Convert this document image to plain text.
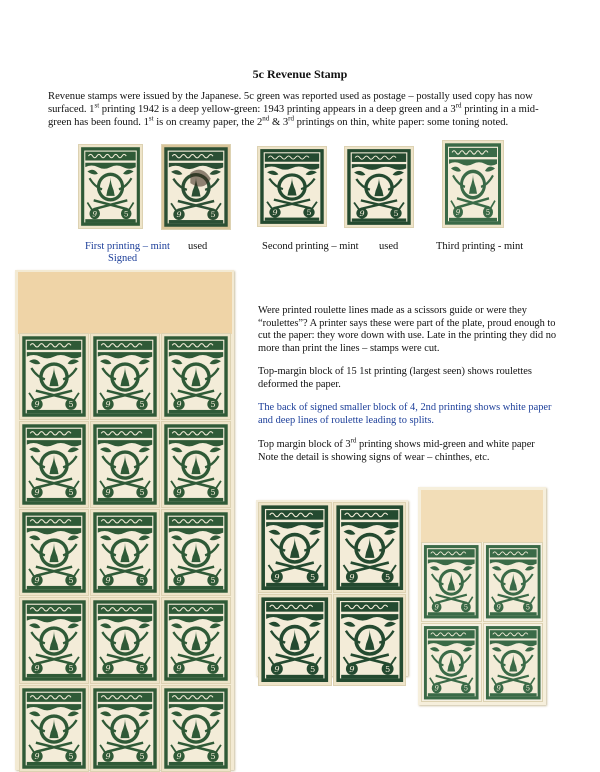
5c Revenue Stamp
Revenue stamps were issued by the Japanese. 5c green was reported used as postage – postally used copy has now surfaced. 1st printing 1942 is a deep yellow-green: 1943 printing appears in a deep green and a 3rd printing in a mid-green has been found. 1st is on creamy paper, the 2nd & 3rd printings on thin, white paper: some toning noted.
First printing – mint
Signed
used	Second printing – mint used	Third printing - mint
Were printed roulette lines made as a scissors guide or were they “roulettes”? A printer says these were part of the plate, proud enough to cut the paper: they wore down with use. Late in the printing they did no more than print the lines – stamps were cut.
Top-margin block of 15 1st printing (largest seen) shows roulettes deformed the paper.
The back of signed smaller block of 4, 2nd printing shows white paper and deep lines of roulette leading to splits.
Top margin block of 3rd printing shows mid-green and white paper
Note the detail is showing signs of wear – chinthes, etc.
